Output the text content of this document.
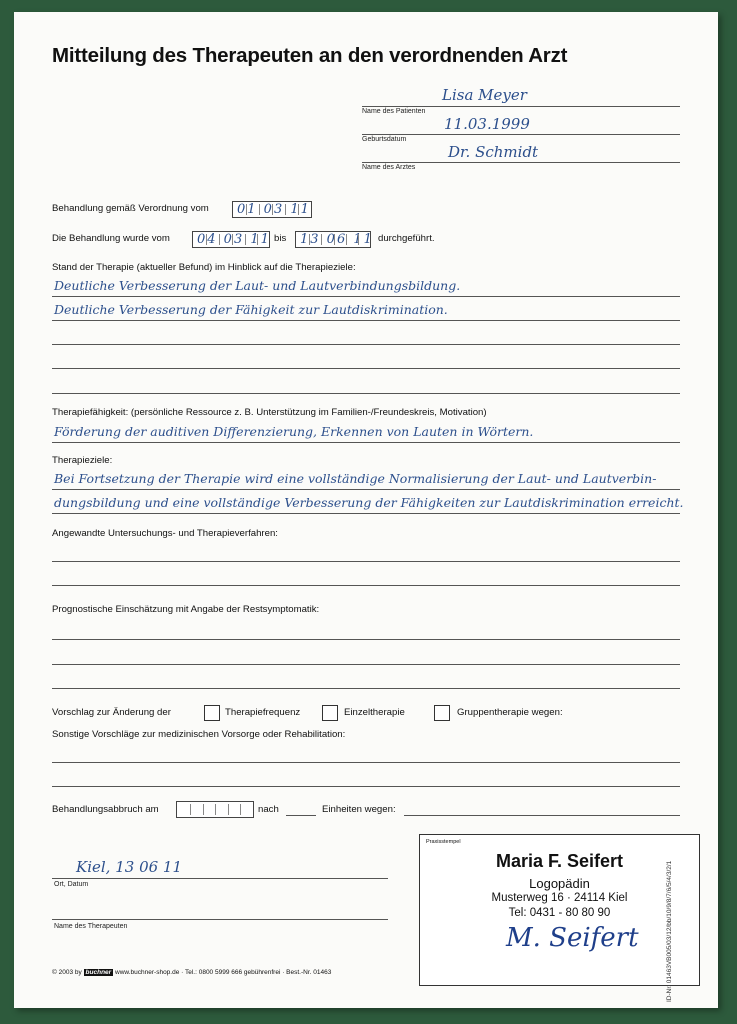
Mitteilung des Therapeuten an den verordnenden Arzt
Lisa Meyer
Name des Patienten
11.03.1999
Geburtsdatum
Dr. Schmidt
Name des Arztes
Behandlung gemäß Verordnung vom 01 03 11
Die Behandlung wurde vom 04 03 11 bis 13 06 11 durchgeführt.
Stand der Therapie (aktueller Befund) im Hinblick auf die Therapieziele:
Deutliche Verbesserung der Laut- und Lautverbindungsbildung.
Deutliche Verbesserung der Fähigkeit zur Lautdiskrimination.
Therapiefähigkeit: (persönliche Ressource z. B. Unterstützung im Familien-/Freundeskreis, Motivation)
Förderung der auditiven Differenzierung, Erkennen von Lauten in Wörtern.
Therapieziele:
Bei Fortsetzung der Therapie wird eine vollständige Normalisierung der Laut- und Lautverbin-
dungsbildung und eine vollständige Verbesserung der Fähigkeiten zur Lautdiskrimination erreicht.
Angewandte Untersuchungs- und Therapieverfahren:
Prognostische Einschätzung mit Angabe der Restsymptomatik:
Vorschlag zur Änderung der	Therapiefrequenz	Einzeltherapie	Gruppentherapie wegen:
Sonstige Vorschläge zur medizinischen Vorsorge oder Rehabilitation:
Behandlungsabbruch am	nach	Einheiten wegen:
Kiel, 13 06 11
Ort, Datum
Name des Therapeuten
Praxisstempel
Maria F. Seifert
Logopädin
Musterweg 16 · 24114 Kiel
Tel: 0431 - 80 80 90
M. Seifert
© 2003 by buchner www.buchner-shop.de · Tel.: 0800 5999 666 gebührenfrei · Best.-Nr. 01463	ID-Nr. 01463VB005/03/12/bb/10/9/8/7/6/5/4/3/2/1
